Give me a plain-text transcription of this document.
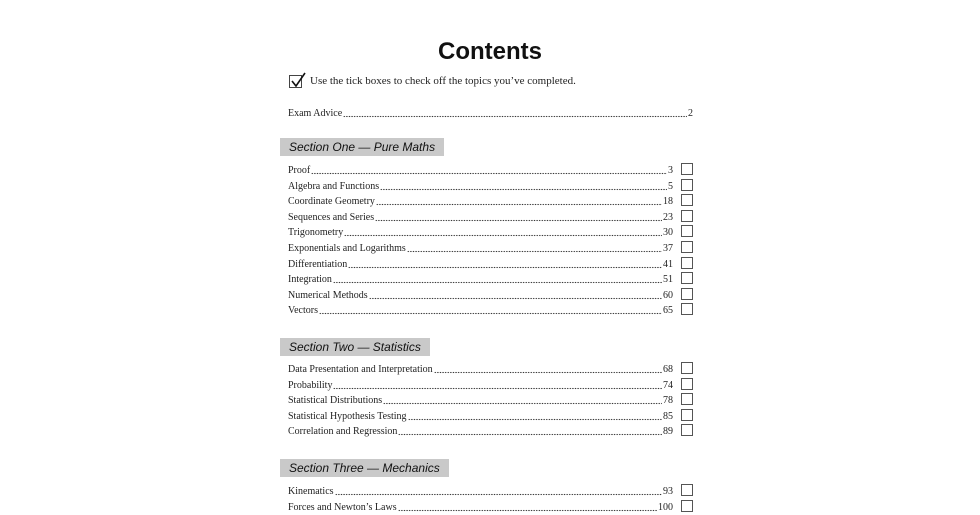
Contents
Use the tick boxes to check off the topics you’ve completed.
Exam Advice	2
Section One — Pure Maths
Proof	3
Algebra and Functions	5
Coordinate Geometry	18
Sequences and Series	23
Trigonometry	30
Exponentials and Logarithms	37
Differentiation	41
Integration	51
Numerical Methods	60
Vectors	65
Section Two — Statistics
Data Presentation and Interpretation	68
Probability	74
Statistical Distributions	78
Statistical Hypothesis Testing	85
Correlation and Regression	89
Section Three — Mechanics
Kinematics	93
Forces and Newton’s Laws	100
